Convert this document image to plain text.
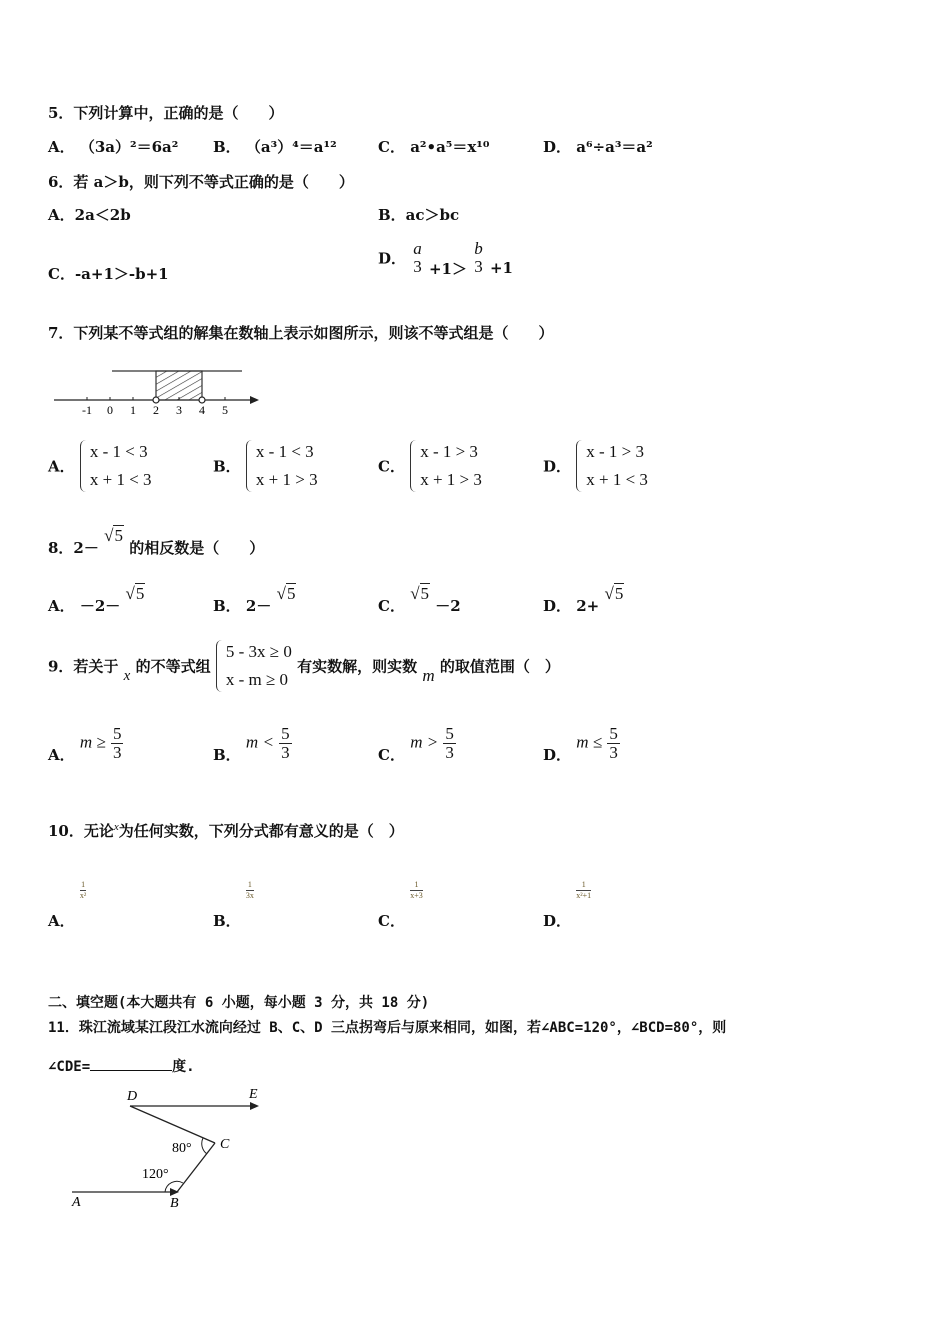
5．下列计算中，正确的是（　　）
A． （3a）²＝6a² B． （a³）⁴＝a¹²	C． a²•a⁵＝x¹⁰	D． a⁶÷a³＝a²
6．若 a＞b，则下列不等式正确的是（　　）
A．2a＜2b	B．ac＞bc
C．-a+1＞-b+1
D．
a
3 +1＞
b
3 +1
7．下列某不等式组的解集在数轴上表示如图所示，则该不等式组是（　　）
-1 0 1 2 3 4 5
A．
x - 1 < 3
x + 1 < 3
B．
x - 1 < 3
x + 1 > 3
C．
x - 1 > 3
x + 1 > 3
D．
x - 1 > 3
x + 1 < 3
8．2－ √5 的相反数是（　　）
A． －2－ √5
B． 2－ √5
C． √5 －2	D． 2+ √5
9．若关于 x 的不等式组
5 - 3x ≥ 0
x - m ≥ 0
有实数解，则实数 m 的取值范围（　）
A． $m \ge \frac{5}{3}$	B． $m < \frac{5}{3}$	C． $m > \frac{5}{3}$	D． $m \le \frac{5}{3}$
10．无论$^x$为任何实数，下列分式都有意义的是（　）
A．
$\frac{1}{\text{x²}}$
B．
$\frac{1}{3x}$
C．
$\frac{1}{x+3}$
D．
$\frac{1}{\text{x²+1}}$
二、填空题(本大题共有 6 小题，每小题 3 分，共 18 分)
11．珠江流域某江段江水流向经过 B、C、D 三点拐弯后与原来相同，如图，若∠ABC=120°，∠BCD=80°，则
∠CDE=	度.
D	E
C
A	B
80°
120°
